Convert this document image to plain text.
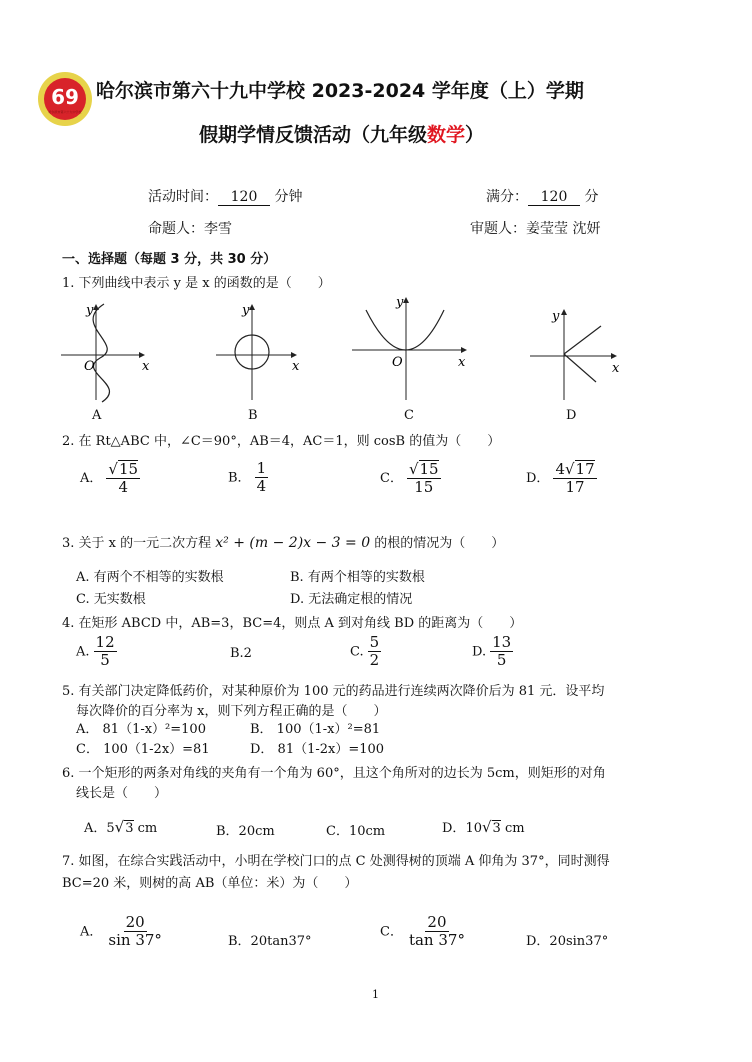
69
哈尔滨市第六十九中学校
哈尔滨市第六十九中学校 2023-2024 学年度（上）学期
假期学情反馈活动（九年级数学）
活动时间： 120 分钟	满分： 120 分
命题人：李雪	审题人：姜莹莹 沈妍
一、选择题（每题 3 分，共 30 分）
1. 下列曲线中表示 y 是 x 的函数的是（　　）
O	x
y
x
y
O	x
y
x
y
A	B	C	D
2. 在 Rt△ABC 中，∠C＝90°，AB＝4，AC＝1，则 cosB 的值为（　　）
A． $\frac{√15}{4}$	B． $\frac{1}{4}$	C． $\frac{√15}{15}$	D． $\frac{4√17}{17}$
3. 关于 x 的一元二次方程 x² + (m − 2)x − 3 = 0 的根的情况为（　　）
A. 有两个不相等的实数根	B. 有两个相等的实数根
C. 无实数根	D. 无法确定根的情况
4. 在矩形 ABCD 中，AB=3，BC=4，则点 A 到对角线 BD 的距离为（　　）
A. $\frac{12}{5}$	B.2	C. $\frac{5}{2}$	D. $\frac{13}{5}$
5. 有关部门决定降低药价，对某种原价为 100 元的药品进行连续两次降价后为 81 元．设平均
每次降价的百分率为 x，则下列方程正确的是（　　）
A． 81（1-x）²=100	B． 100（1-x）²=81
C． 100（1-2x）=81	D． 81（1-2x）=100
6. 一个矩形的两条对角线的夹角有一个角为 60°，且这个角所对的边长为 5cm，则矩形的对角
线长是（　　）
A．5√3 cm	B．20cm	C．10cm	D．10√3 cm
7. 如图，在综合实践活动中，小明在学校门口的点 C 处测得树的顶端 A 仰角为 37°，同时测得
BC=20 米，则树的高 AB（单位：米）为（　　）
A． $\frac{20}{\sin 37^\circ}$	B．20tan37°
C． $\frac{20}{\tan 37^\circ}$	D．20sin37°
1
